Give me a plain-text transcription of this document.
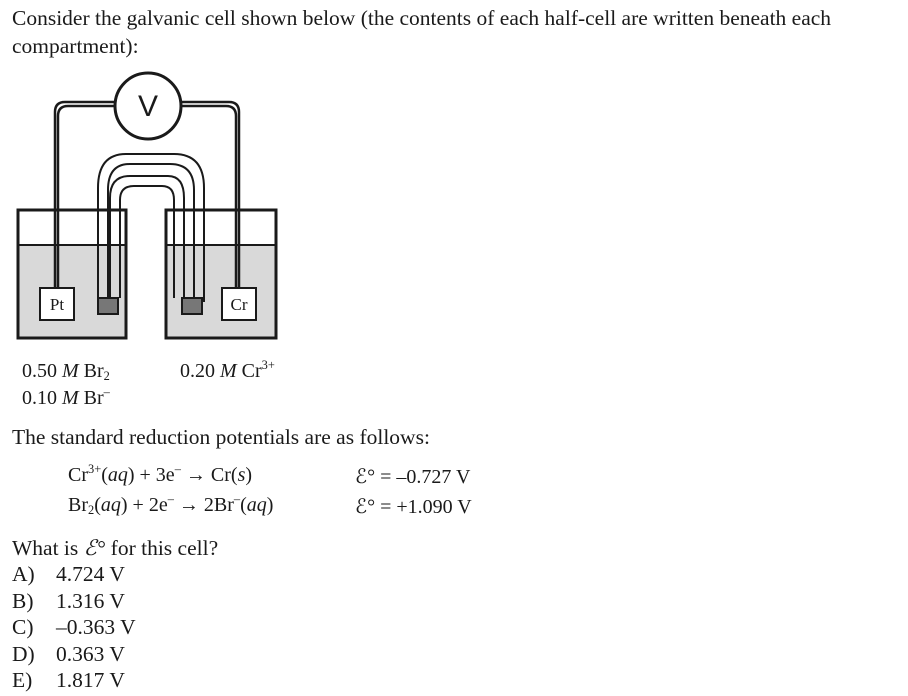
Consider the galvanic cell shown below (the contents of each half-cell are written beneath each compartment):
V
Pt	Cr
0.50 M $Br_2$
0.10 M Br–
0.20 M $Cr^{3+}$
The standard reduction potentials are as follows:
$Cr^{3+}(aq) + 3e^- \to Cr(s)$	ℰ° = –0.727 V
$Br_2(aq) + 2e^- \to 2Br^-(aq)$	ℰ° = +1.090 V
What is ℰ° for this cell?
A) 4.724 V
B) 1.316 V
C) –0.363 V
D) 0.363 V
E) 1.817 V
